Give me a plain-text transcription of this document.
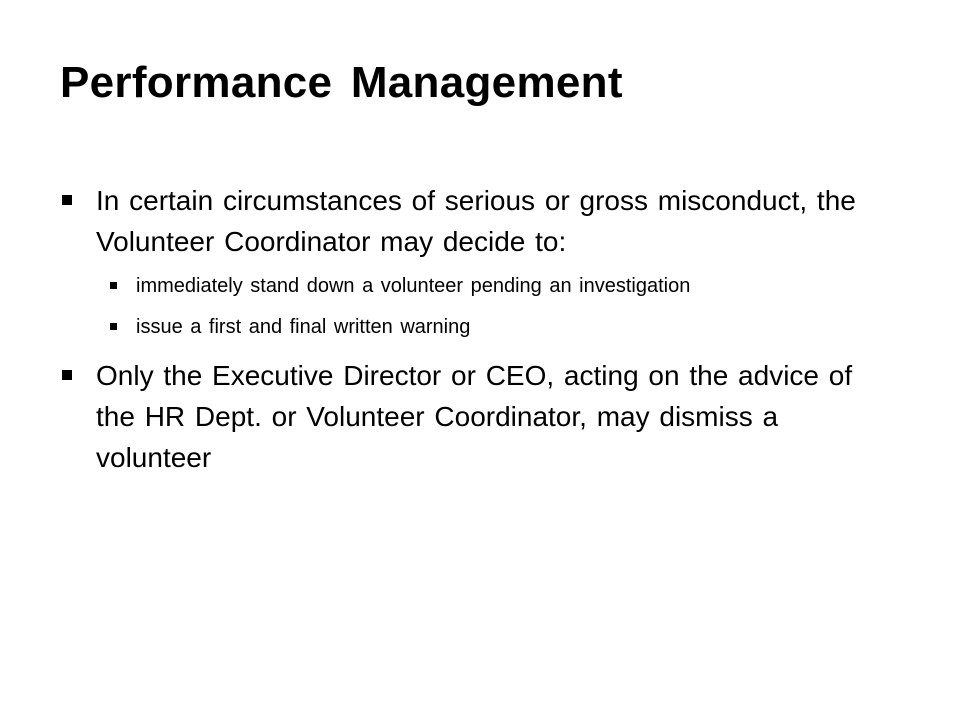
Performance Management
In certain circumstances of serious or gross misconduct, the Volunteer Coordinator may decide to:
immediately stand down a volunteer pending an investigation
issue a first and final written warning
Only the Executive Director or CEO, acting on the advice of the HR Dept. or Volunteer Coordinator, may dismiss a volunteer
